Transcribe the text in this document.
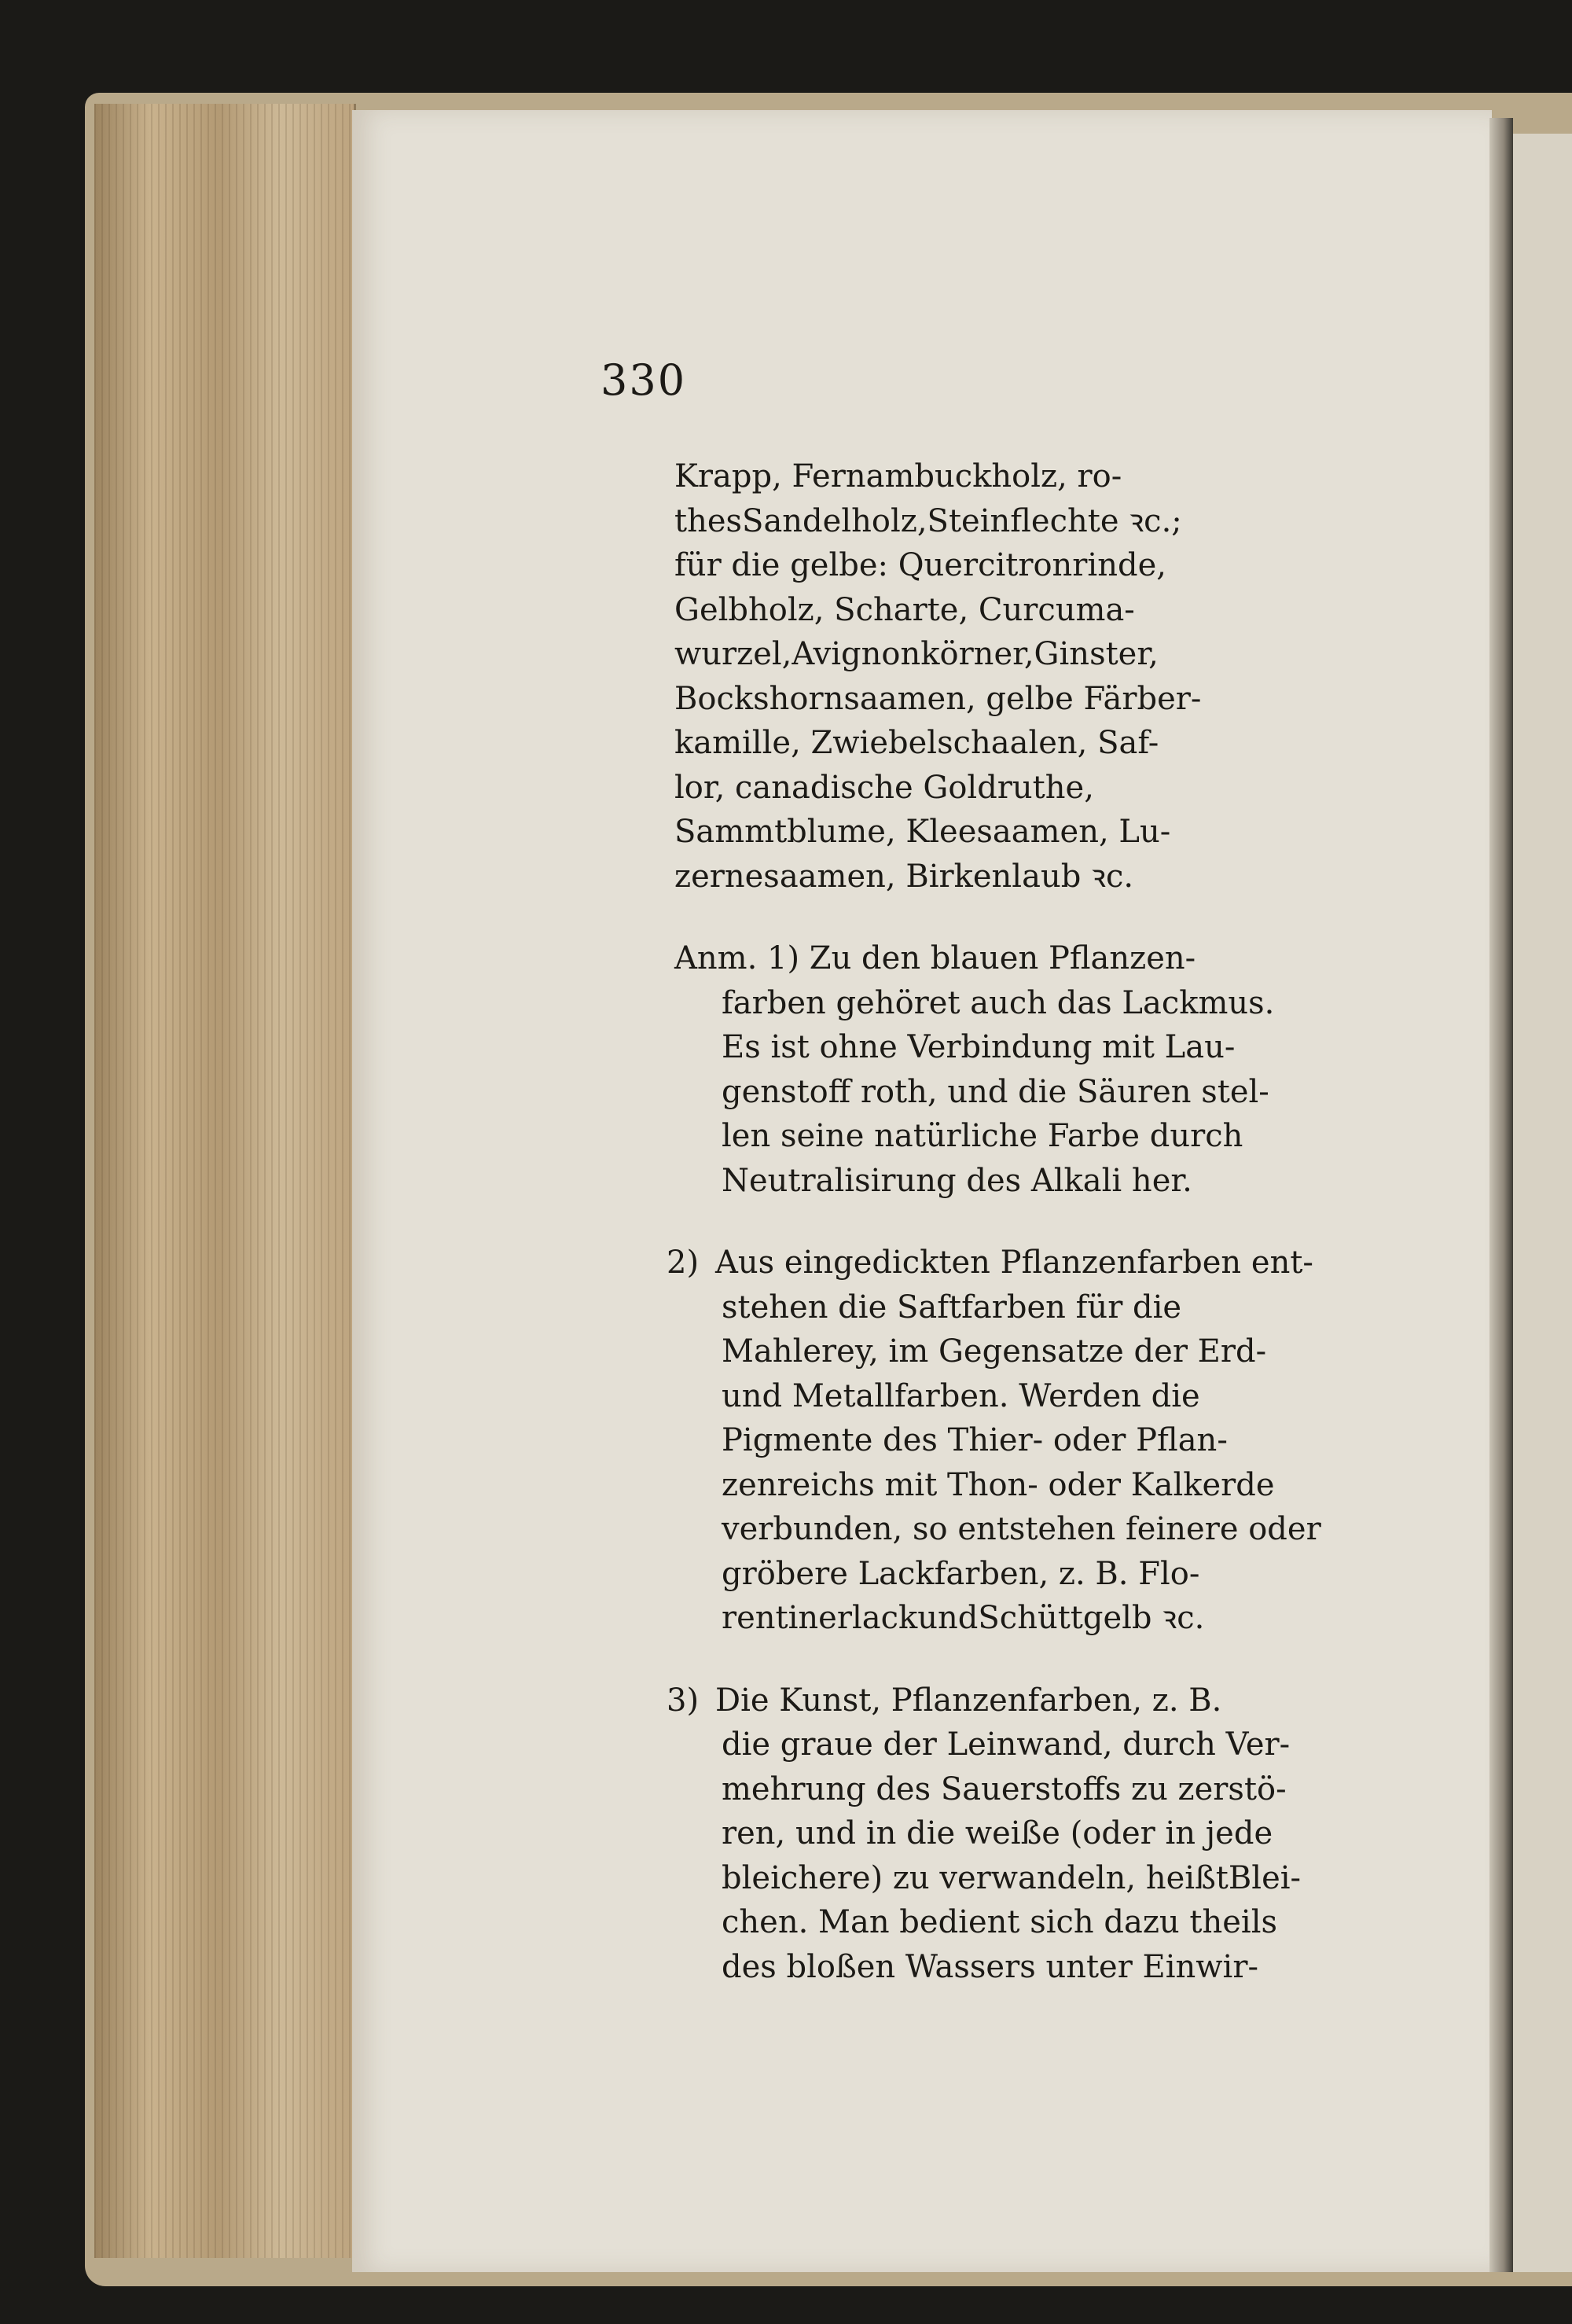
330
Krapp, Fernambuckholz, ro-
thesSandelholz,Steinflechte ꝛc.;
für die gelbe: Quercitronrinde,
Gelbholz, Scharte, Curcuma-
wurzel,Avignonkörner,Ginster,
Bockshornsaamen, gelbe Färber-
kamille, Zwiebelschaalen, Saf-
lor, canadische Goldruthe,
Sammtblume, Kleesaamen, Lu-
zernesaamen, Birkenlaub ꝛc.
Anm. 1) Zu den blauen Pflanzen-
farben gehöret auch das Lackmus.
Es ist ohne Verbindung mit Lau-
genstoff roth, und die Säuren stel-
len seine natürliche Farbe durch
Neutralisirung des Alkali her.
2) Aus eingedickten Pflanzenfarben ent-
stehen die Saftfarben für die
Mahlerey, im Gegensatze der Erd-
und Metallfarben. Werden die
Pigmente des Thier- oder Pflan-
zenreichs mit Thon- oder Kalkerde
verbunden, so entstehen feinere oder
gröbere Lackfarben, z. B. Flo-
rentinerlackundSchüttgelb ꝛc.
3) Die Kunst, Pflanzenfarben, z. B.
die graue der Leinwand, durch Ver-
mehrung des Sauerstoffs zu zerstö-
ren, und in die weiße (oder in jede
bleichere) zu verwandeln, heißtBlei-
chen. Man bedient sich dazu theils
des bloßen Wassers unter Einwir-
